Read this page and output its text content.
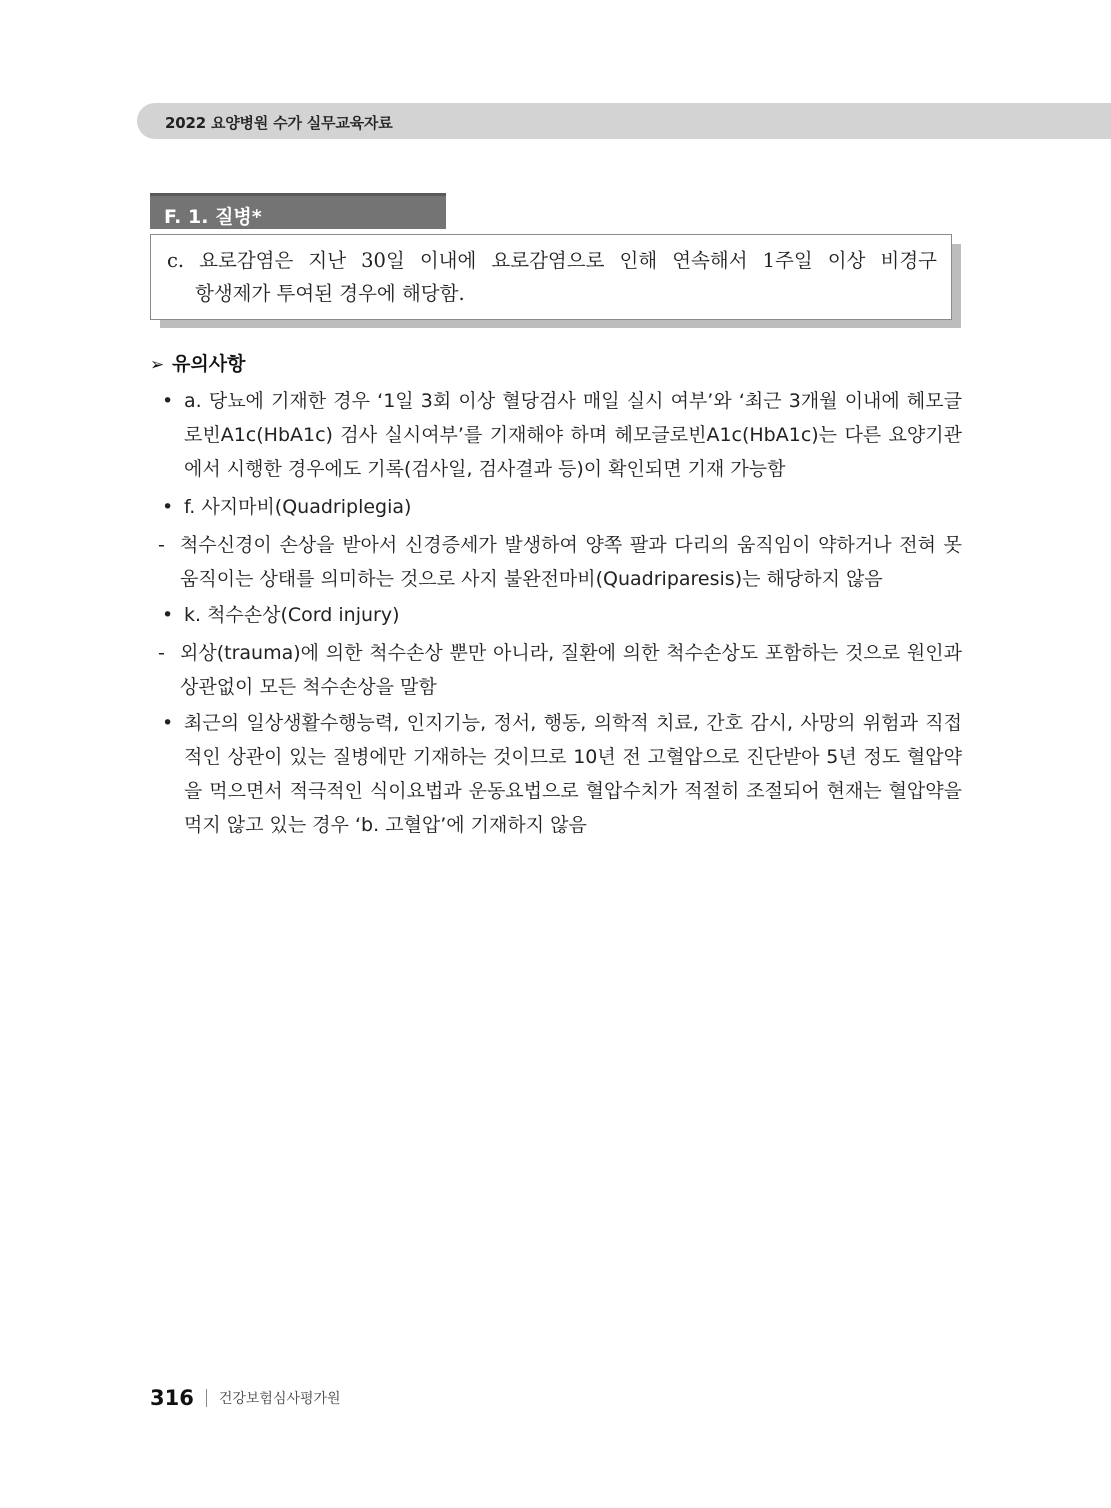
2022 요양병원 수가 실무교육자료
F. 1. 질병*
c. 요로감염은 지난 30일 이내에 요로감염으로 인해 연속해서 1주일 이상 비경구
항생제가 투여된 경우에 해당함.
➢ 유의사항
• a. 당뇨에 기재한 경우 ‘1일 3회 이상 혈당검사 매일 실시 여부’와 ‘최근 3개월 이내에 헤모글로빈A1c(HbA1c) 검사 실시여부’를 기재해야 하며 헤모글로빈A1c(HbA1c)는 다른 요양기관에서 시행한 경우에도 기록(검사일, 검사결과 등)이 확인되면 기재 가능함
• f. 사지마비(Quadriplegia)
- 척수신경이 손상을 받아서 신경증세가 발생하여 양쪽 팔과 다리의 움직임이 약하거나 전혀 못 움직이는 상태를 의미하는 것으로 사지 불완전마비(Quadriparesis)는 해당하지 않음
• k. 척수손상(Cord injury)
- 외상(trauma)에 의한 척수손상 뿐만 아니라, 질환에 의한 척수손상도 포함하는 것으로 원인과 상관없이 모든 척수손상을 말함
• 최근의 일상생활수행능력, 인지기능, 정서, 행동, 의학적 치료, 간호 감시, 사망의 위험과 직접적인 상관이 있는 질병에만 기재하는 것이므로 10년 전 고혈압으로 진단받아 5년 정도 혈압약을 먹으면서 적극적인 식이요법과 운동요법으로 혈압수치가 적절히 조절되어 현재는 혈압약을 먹지 않고 있는 경우 ‘b. 고혈압’에 기재하지 않음
316 건강보험심사평가원
